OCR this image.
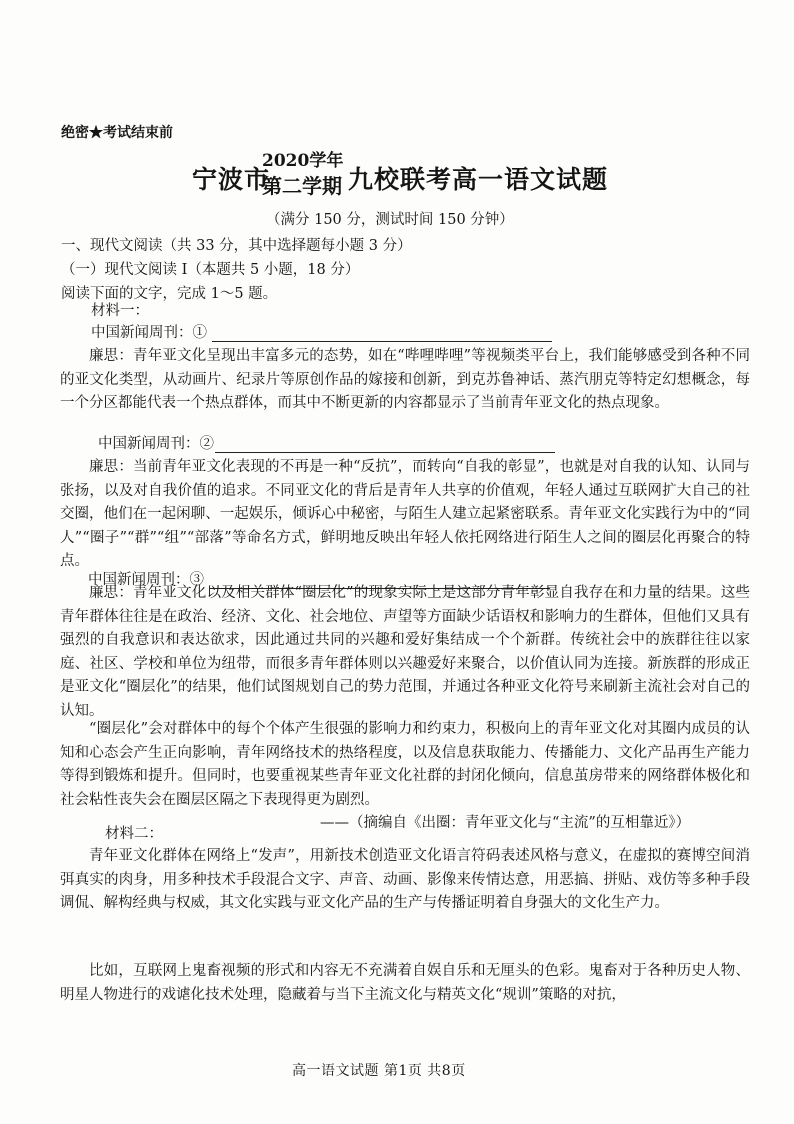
绝密★考试结束前
宁波市
2020学年
第二学期 九校联考高一语文试题
（满分 150 分，测试时间 150 分钟）
一、现代文阅读（共 33 分，其中选择题每小题 3 分）
（一）现代文阅读 I（本题共 5 小题，18 分）
阅读下面的文字，完成 1～5 题。
材料一：
中国新闻周刊：①
廉思：青年亚文化呈现出丰富多元的态势，如在“哔哩哔哩”等视频类平台上，我们能够感受到各种不同的亚文化类型，从动画片、纪录片等原创作品的嫁接和创新，到克苏鲁神话、蒸汽朋克等特定幻想概念，每一个分区都能代表一个热点群体，而其中不断更新的内容都显示了当前青年亚文化的热点现象。
中国新闻周刊：②
廉思：当前青年亚文化表现的不再是一种“反抗”，而转向“自我的彰显”，也就是对自我的认知、认同与张扬，以及对自我价值的追求。不同亚文化的背后是青年人共享的价值观，年轻人通过互联网扩大自己的社交圈，他们在一起闲聊、一起娱乐，倾诉心中秘密，与陌生人建立起紧密联系。青年亚文化实践行为中的“同人”“圈子”“群”“组”“部落”等命名方式，鲜明地反映出年轻人依托网络进行陌生人之间的圈层化再聚合的特点。
中国新闻周刊：③
廉思：青年亚文化以及相关群体“圈层化”的现象实际上是这部分青年彰显自我存在和力量的结果。这些青年群体往往是在政治、经济、文化、社会地位、声望等方面缺少话语权和影响力的生群体，但他们又具有强烈的自我意识和表达欲求，因此通过共同的兴趣和爱好集结成一个个新群。传统社会中的族群往往以家庭、社区、学校和单位为纽带，而很多青年群体则以兴趣爱好来聚合，以价值认同为连接。新族群的形成正是亚文化“圈层化”的结果，他们试图规划自己的势力范围，并通过各种亚文化符号来刷新主流社会对自己的认知。
“圈层化”会对群体中的每个个体产生很强的影响力和约束力，积极向上的青年亚文化对其圈内成员的认知和心态会产生正向影响，青年网络技术的热络程度，以及信息获取能力、传播能力、文化产品再生产能力等得到锻炼和提升。但同时，也要重视某些青年亚文化社群的封闭化倾向，信息茧房带来的网络群体极化和社会粘性丧失会在圈层区隔之下表现得更为剧烈。
——（摘编自《出圈：青年亚文化与“主流”的互相靠近》）
材料二：
青年亚文化群体在网络上“发声”，用新技术创造亚文化语言符码表述风格与意义，在虚拟的赛博空间消弭真实的肉身，用多种技术手段混合文字、声音、动画、影像来传情达意，用恶搞、拼贴、戏仿等多种手段调侃、解构经典与权威，其文化实践与亚文化产品的生产与传播证明着自身强大的文化生产力。
比如，互联网上鬼畜视频的形式和内容无不充满着自娱自乐和无厘头的色彩。鬼畜对于各种历史人物、明星人物进行的戏谑化技术处理，隐藏着与当下主流文化与精英文化“规训”策略的对抗，
高一语文试题 第1页 共8页
